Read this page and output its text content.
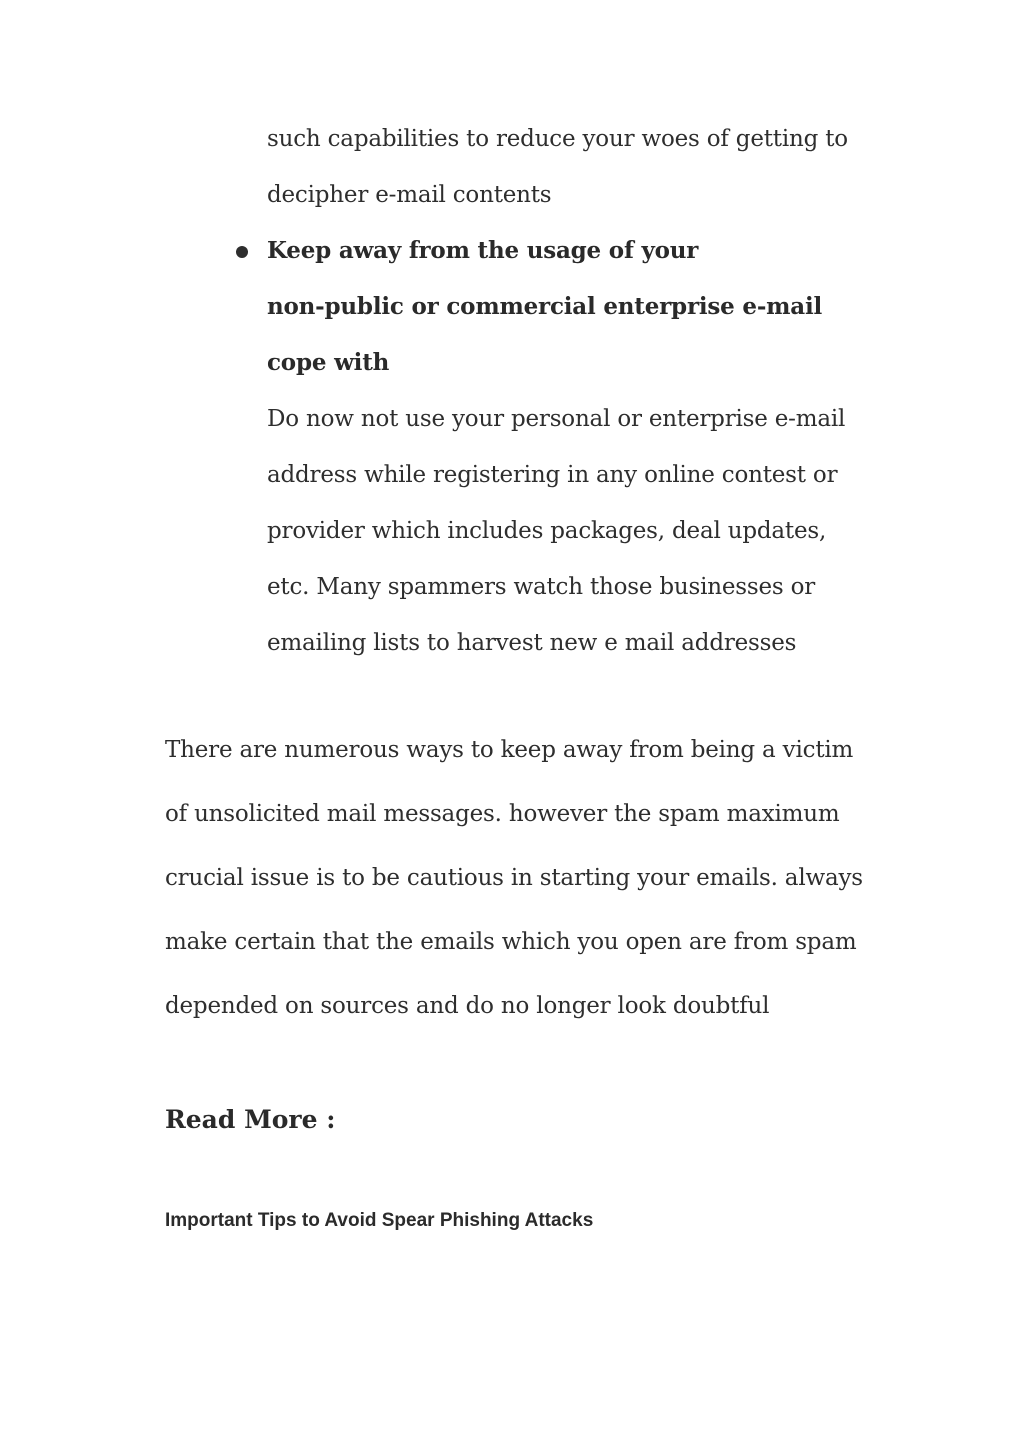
such capabilities to reduce your woes of getting to
decipher e-mail contents
Keep away from the usage of your
non-public or commercial enterprise e-mail
cope with
Do now not use your personal or enterprise e-mail
address while registering in any online contest or
provider which includes packages, deal updates,
etc. Many spammers watch those businesses or
emailing lists to harvest new e mail addresses
There are numerous ways to keep away from being a victim
of unsolicited mail messages. however the spam maximum
crucial issue is to be cautious in starting your emails. always
make certain that the emails which you open are from spam
depended on sources and do no longer look doubtful
Read More :
Important Tips to Avoid Spear Phishing Attacks
